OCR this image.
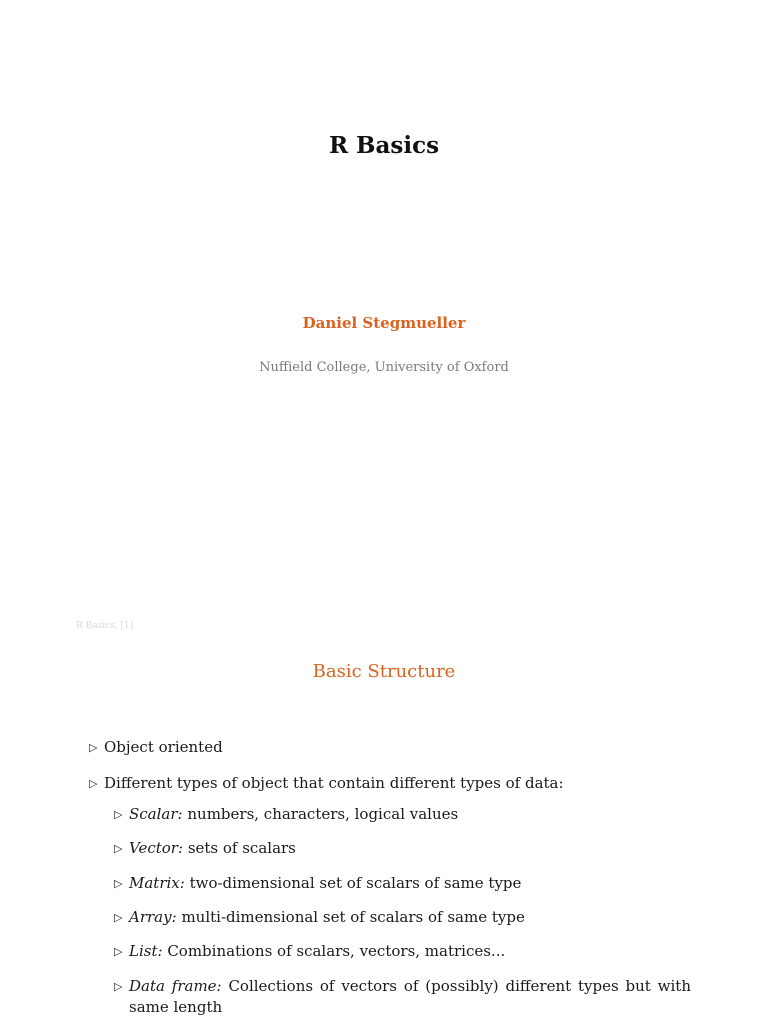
R Basics
Daniel Stegmueller
Nuffield College, University of Oxford
R Basics, [1]
Basic Structure
▷ Object oriented
▷ Different types of object that contain different types of data:
▷ Scalar: numbers, characters, logical values
▷ Vector: sets of scalars
▷ Matrix: two-dimensional set of scalars of same type
▷ Array: multi-dimensional set of scalars of same type
▷ List: Combinations of scalars, vectors, matrices...
▷ Data frame: Collections of vectors of (possibly) different types but with same length
